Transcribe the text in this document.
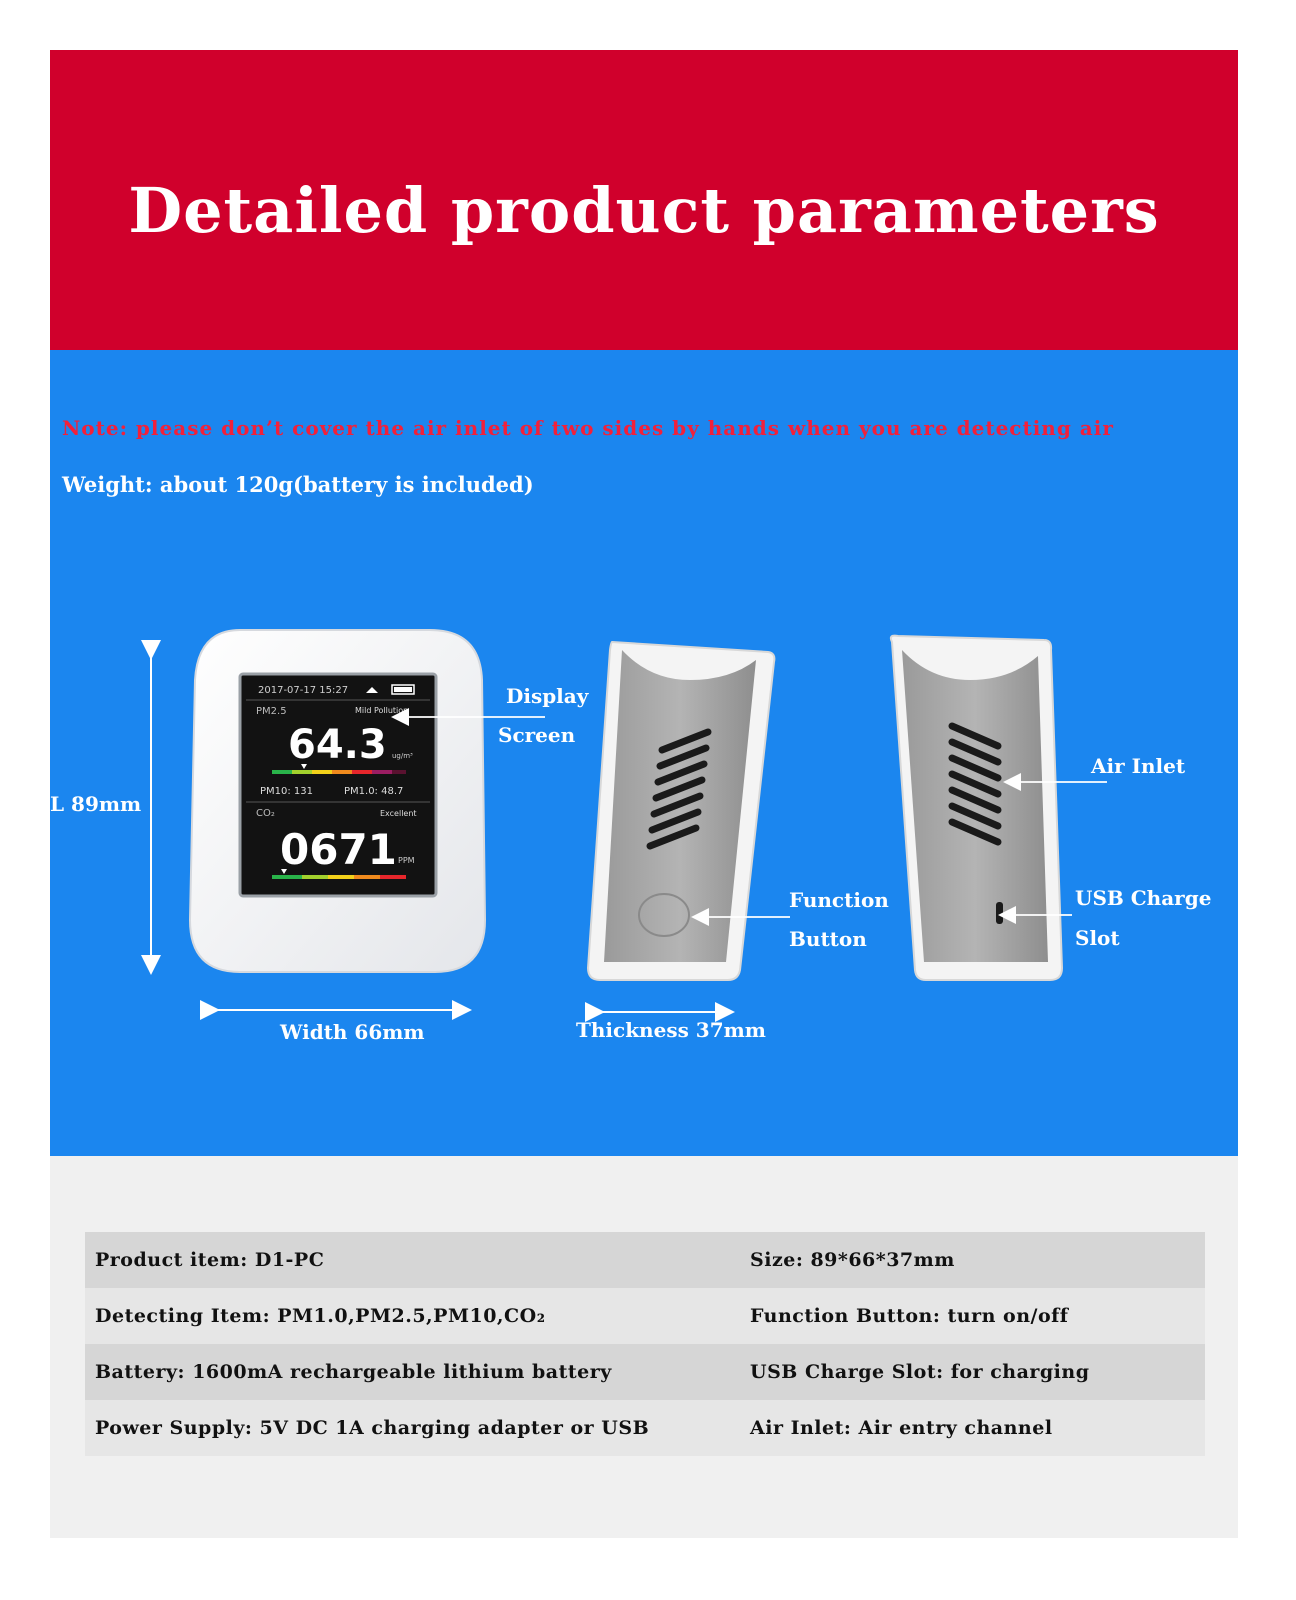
Detailed product parameters
Note: please don’t cover the air inlet of two sides by hands when you are detecting air
Weight: about 120g(battery is included)
2017-07-17 15:27
PM2.5	Mild Pollution
64.3 ug/m³
PM10: 131	PM1.0: 48.7
CO₂	Excellent
0671 PPM
L 89mm
Width 66mm	Thickness 37mm
Display
Screen
Function
Button
Air Inlet
USB Charge
Slot
Product item: D1-PC	Size: 89*66*37mm
Detecting Item: PM1.0,PM2.5,PM10,CO₂	Function Button: turn on/off
Battery: 1600mA rechargeable lithium battery	USB Charge Slot: for charging
Power Supply: 5V DC 1A charging adapter or USB	Air Inlet: Air entry channel
